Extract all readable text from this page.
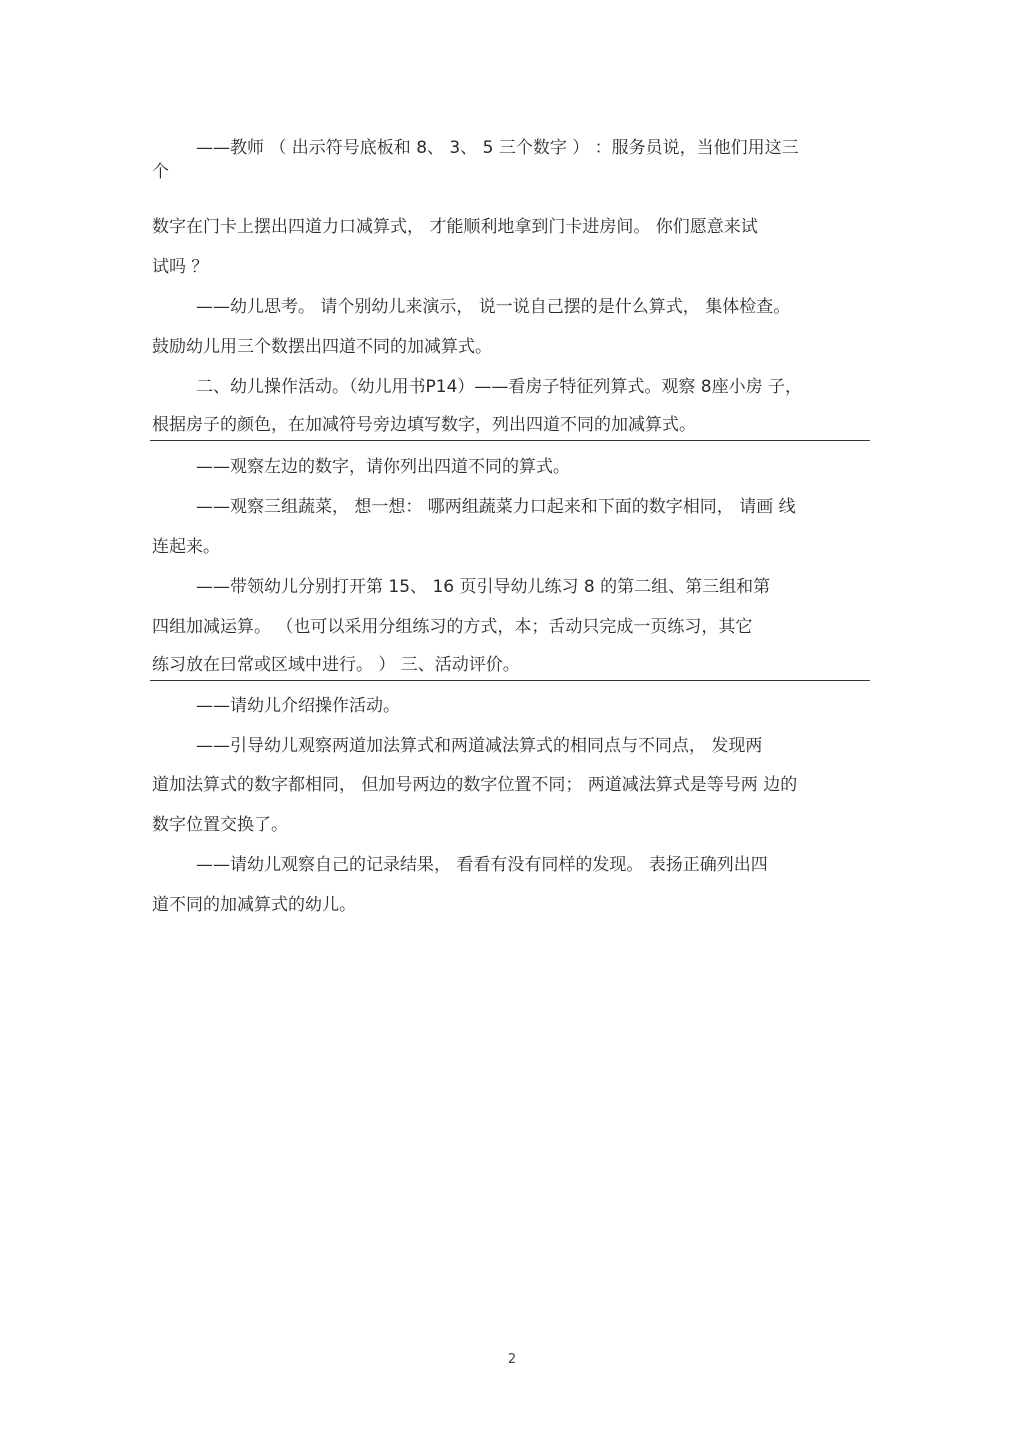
——教师 （ 出示符号底板和 8、 3、 5 三个数字 ） ：服务员说，当他们用这三
个
数字在门卡上摆出四道力口减算式， 才能顺利地拿到门卡进房间。 你们愿意来试
试吗 ？
——幼儿思考。 请个别幼儿来演示， 说一说自己摆的是什么算式， 集体检查。
鼓励幼儿用三个数摆出四道不同的加减算式。
二、幼儿操作活动。（幼儿用书P14）——看房子特征列算式。观察 8座小房 子，
根据房子的颜色，在加减符号旁边填写数字，列出四道不同的加减算式。
——观察左边的数字，请你列出四道不同的算式。
——观察三组蔬菜， 想一想： 哪两组蔬菜力口起来和下面的数字相同， 请画 线
连起来。
——带领幼儿分别打开第 15、 16 页引导幼儿练习 8 的第二组、第三组和第
四组加减运算。 （也可以采用分组练习的方式，本；舌动只完成一页练习，其它
练习放在曰常或区域中进行。 ） 三、活动评价。
——请幼儿介绍操作活动。
——引导幼儿观察两道加法算式和两道减法算式的相同点与不同点， 发现两
道加法算式的数字都相同， 但加号两边的数字位置不同； 两道减法算式是等号两 边的
数字位置交换了。
——请幼儿观察自己的记录结果， 看看有没有同样的发现。 表扬正确列出四
道不同的加减算式的幼儿。
2
